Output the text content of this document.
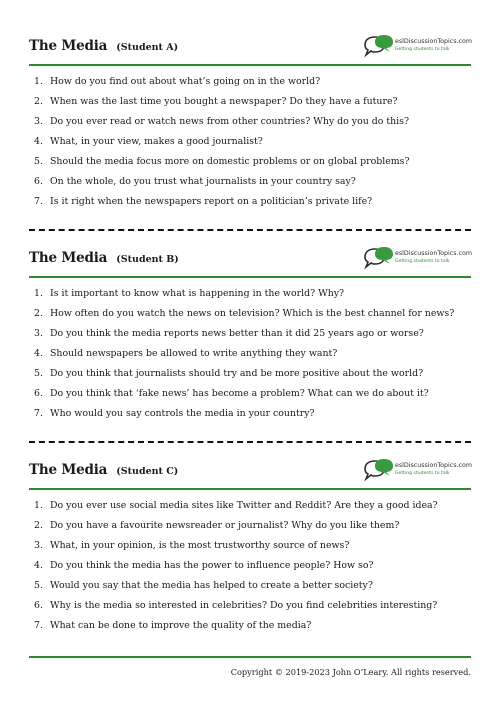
The Media (Student A)
eslDiscussionTopics.com
Getting students to talk
1. How do you find out about what’s going on in the world?
2. When was the last time you bought a newspaper? Do they have a future?
3. Do you ever read or watch news from other countries? Why do you do this?
4. What, in your view, makes a good journalist?
5. Should the media focus more on domestic problems or on global problems?
6. On the whole, do you trust what journalists in your country say?
7. Is it right when the newspapers report on a politician’s private life?
The Media (Student B)
eslDiscussionTopics.com
Getting students to talk
1. Is it important to know what is happening in the world? Why?
2. How often do you watch the news on television? Which is the best channel for news?
3. Do you think the media reports news better than it did 25 years ago or worse?
4. Should newspapers be allowed to write anything they want?
5. Do you think that journalists should try and be more positive about the world?
6. Do you think that ‘fake news’ has become a problem? What can we do about it?
7. Who would you say controls the media in your country?
The Media (Student C)
eslDiscussionTopics.com
Getting students to talk
1. Do you ever use social media sites like Twitter and Reddit? Are they a good idea?
2. Do you have a favourite newsreader or journalist? Why do you like them?
3. What, in your opinion, is the most trustworthy source of news?
4. Do you think the media has the power to influence people? How so?
5. Would you say that the media has helped to create a better society?
6. Why is the media so interested in celebrities? Do you find celebrities interesting?
7. What can be done to improve the quality of the media?
Copyright © 2019-2023 John O’Leary. All rights reserved.
